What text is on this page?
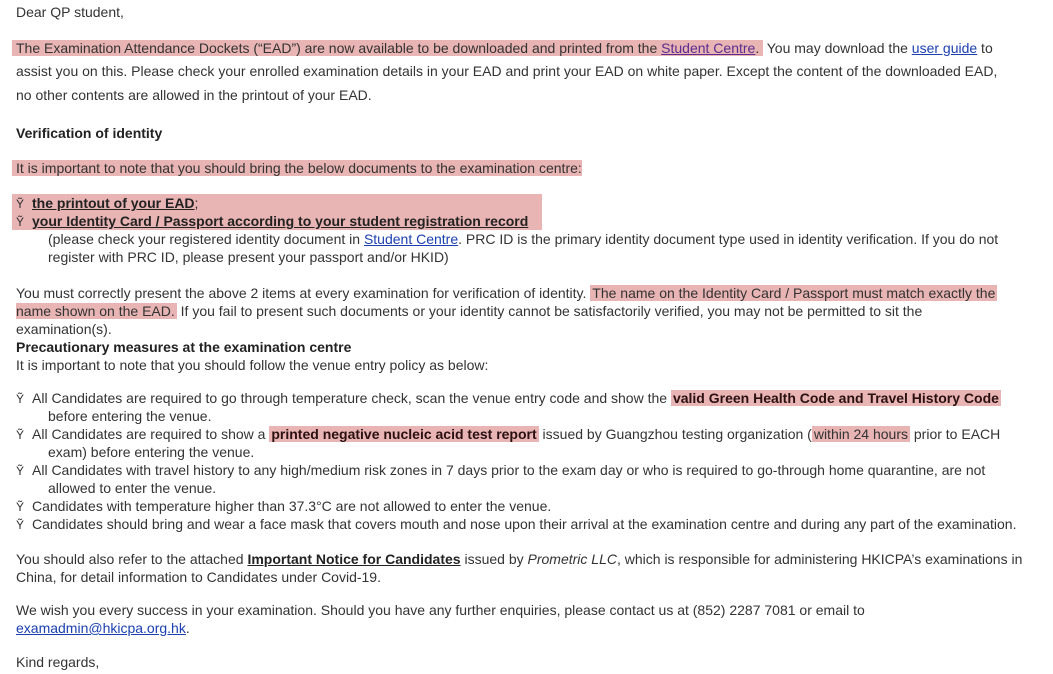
Dear QP student,
The Examination Attendance Dockets (“EAD”) are now available to be downloaded and printed from the Student Centre.  You may download the user guide to
assist you on this. Please check your enrolled examination details in your EAD and print your EAD on white paper. Except the content of the downloaded EAD,
no other contents are allowed in the printout of your EAD.
Verification of identity
It is important to note that you should bring the below documents to the examination centre:
Ỹ the printout of your EAD;
Ỹ your Identity Card / Passport according to your student registration record
(please check your registered identity document in Student Centre. PRC ID is the primary identity document type used in identity verification. If you do not
register with PRC ID, please present your passport and/or HKID)
You must correctly present the above 2 items at every examination for verification of identity. The name on the Identity Card / Passport must match exactly the
name shown on the EAD. If you fail to present such documents or your identity cannot be satisfactorily verified, you may not be permitted to sit the
examination(s).
Precautionary measures at the examination centre
It is important to note that you should follow the venue entry policy as below:
Ỹ All Candidates are required to go through temperature check, scan the venue entry code and show the valid Green Health Code and Travel History Code
before entering the venue.
Ỹ All Candidates are required to show a printed negative nucleic acid test report issued by Guangzhou testing organization ( within 24 hours prior to EACH
exam) before entering the venue.
Ỹ All Candidates with travel history to any high/medium risk zones in 7 days prior to the exam day or who is required to go-through home quarantine, are not
allowed to enter the venue.
Ỹ Candidates with temperature higher than 37.3°C are not allowed to enter the venue.
Ỹ Candidates should bring and wear a face mask that covers mouth and nose upon their arrival at the examination centre and during any part of the examination.
You should also refer to the attached Important Notice for Candidates issued by Prometric LLC, which is responsible for administering HKICPA’s examinations in
China, for detail information to Candidates under Covid-19.
We wish you every success in your examination. Should you have any further enquiries, please contact us at (852) 2287 7081 or email to
examadmin@hkicpa.org.hk.
Kind regards,
